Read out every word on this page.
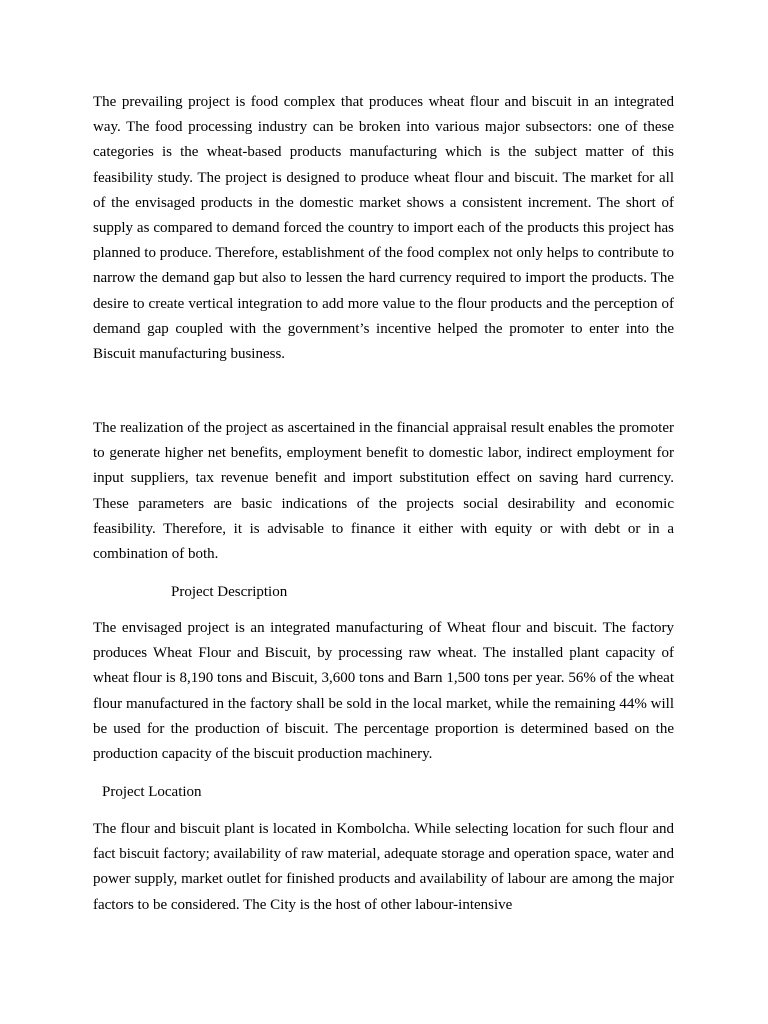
The prevailing project is food complex that produces wheat flour and biscuit in an integrated way. The food processing industry can be broken into various major subsectors: one of these categories is the wheat-based products manufacturing which is the subject matter of this feasibility study. The project is designed to produce wheat flour and biscuit. The market for all of the envisaged products in the domestic market shows a consistent increment. The short of supply as compared to demand forced the country to import each of the products this project has planned to produce. Therefore, establishment of the food complex not only helps to contribute to narrow the demand gap but also to lessen the hard currency required to import the products. The desire to create vertical integration to add more value to the flour products and the perception of demand gap coupled with the government’s incentive helped the promoter to enter into the Biscuit manufacturing business.

The realization of the project as ascertained in the financial appraisal result enables the promoter to generate higher net benefits, employment benefit to domestic labor, indirect employment for input suppliers, tax revenue benefit and import substitution effect on saving hard currency. These parameters are basic indications of the projects social desirability and economic feasibility. Therefore, it is advisable to finance it either with equity or with debt or in a combination of both.

Project Description

The envisaged project is an integrated manufacturing of Wheat flour and biscuit. The factory produces Wheat Flour and Biscuit, by processing raw wheat. The installed plant capacity of wheat flour is 8,190 tons and Biscuit, 3,600 tons and Barn 1,500 tons per year. 56% of the wheat flour manufactured in the factory shall be sold in the local market, while the remaining 44% will be used for the production of biscuit. The percentage proportion is determined based on the production capacity of the biscuit production machinery.

Project Location

The flour and biscuit plant is located in Kombolcha. While selecting location for such flour and fact biscuit factory; availability of raw material, adequate storage and operation space, water and power supply, market outlet for finished products and availability of labour are among the major factors to be considered. The City is the host of other labour-intensive
